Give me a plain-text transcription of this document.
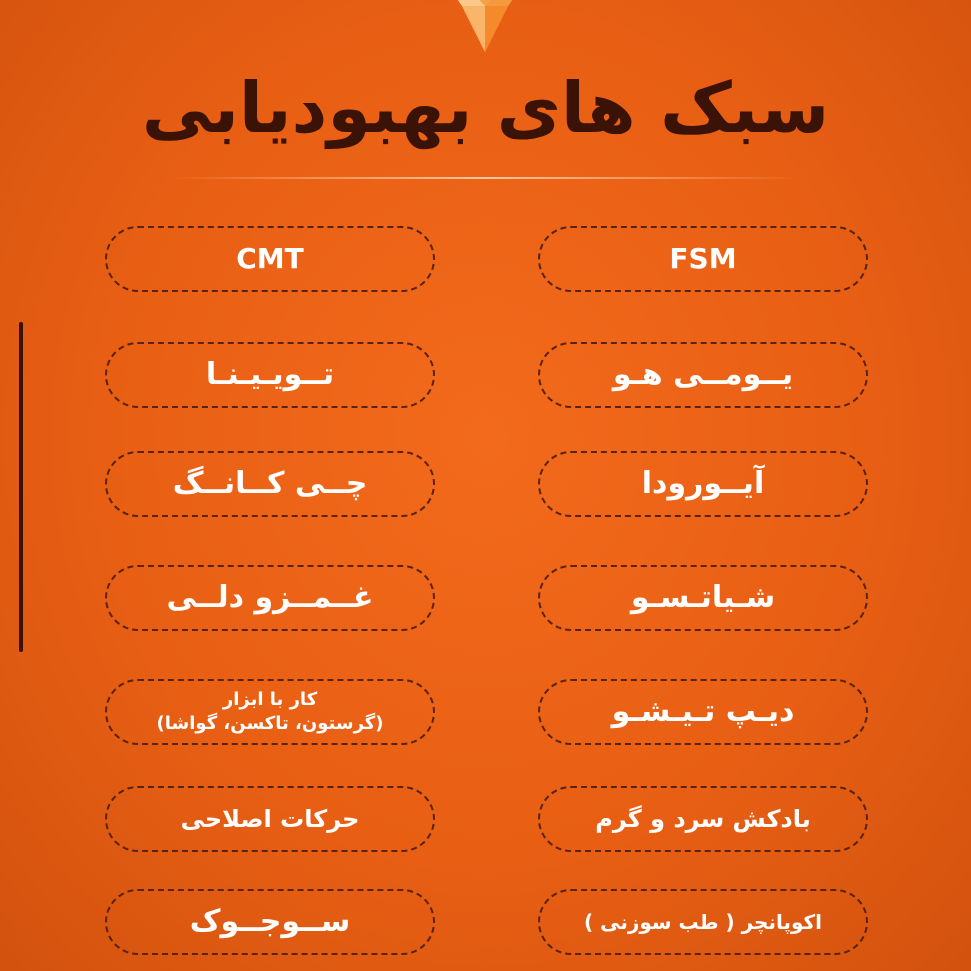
سبک های بهبودیابی
CMT	FSM
تــویـیـنـا
چــی کــانــگ
غــمــزو دلــی
کار با ابزار
(گرستون، تاکسن، گواشا)
حرکات اصلاحی
ســوجــوک
یــومــی هـو
آیــورودا
شـیاتـسـو
دیـپ تـیـشـو
بادکش سرد و گرم
اکوپانچر ( طب سوزنی )
